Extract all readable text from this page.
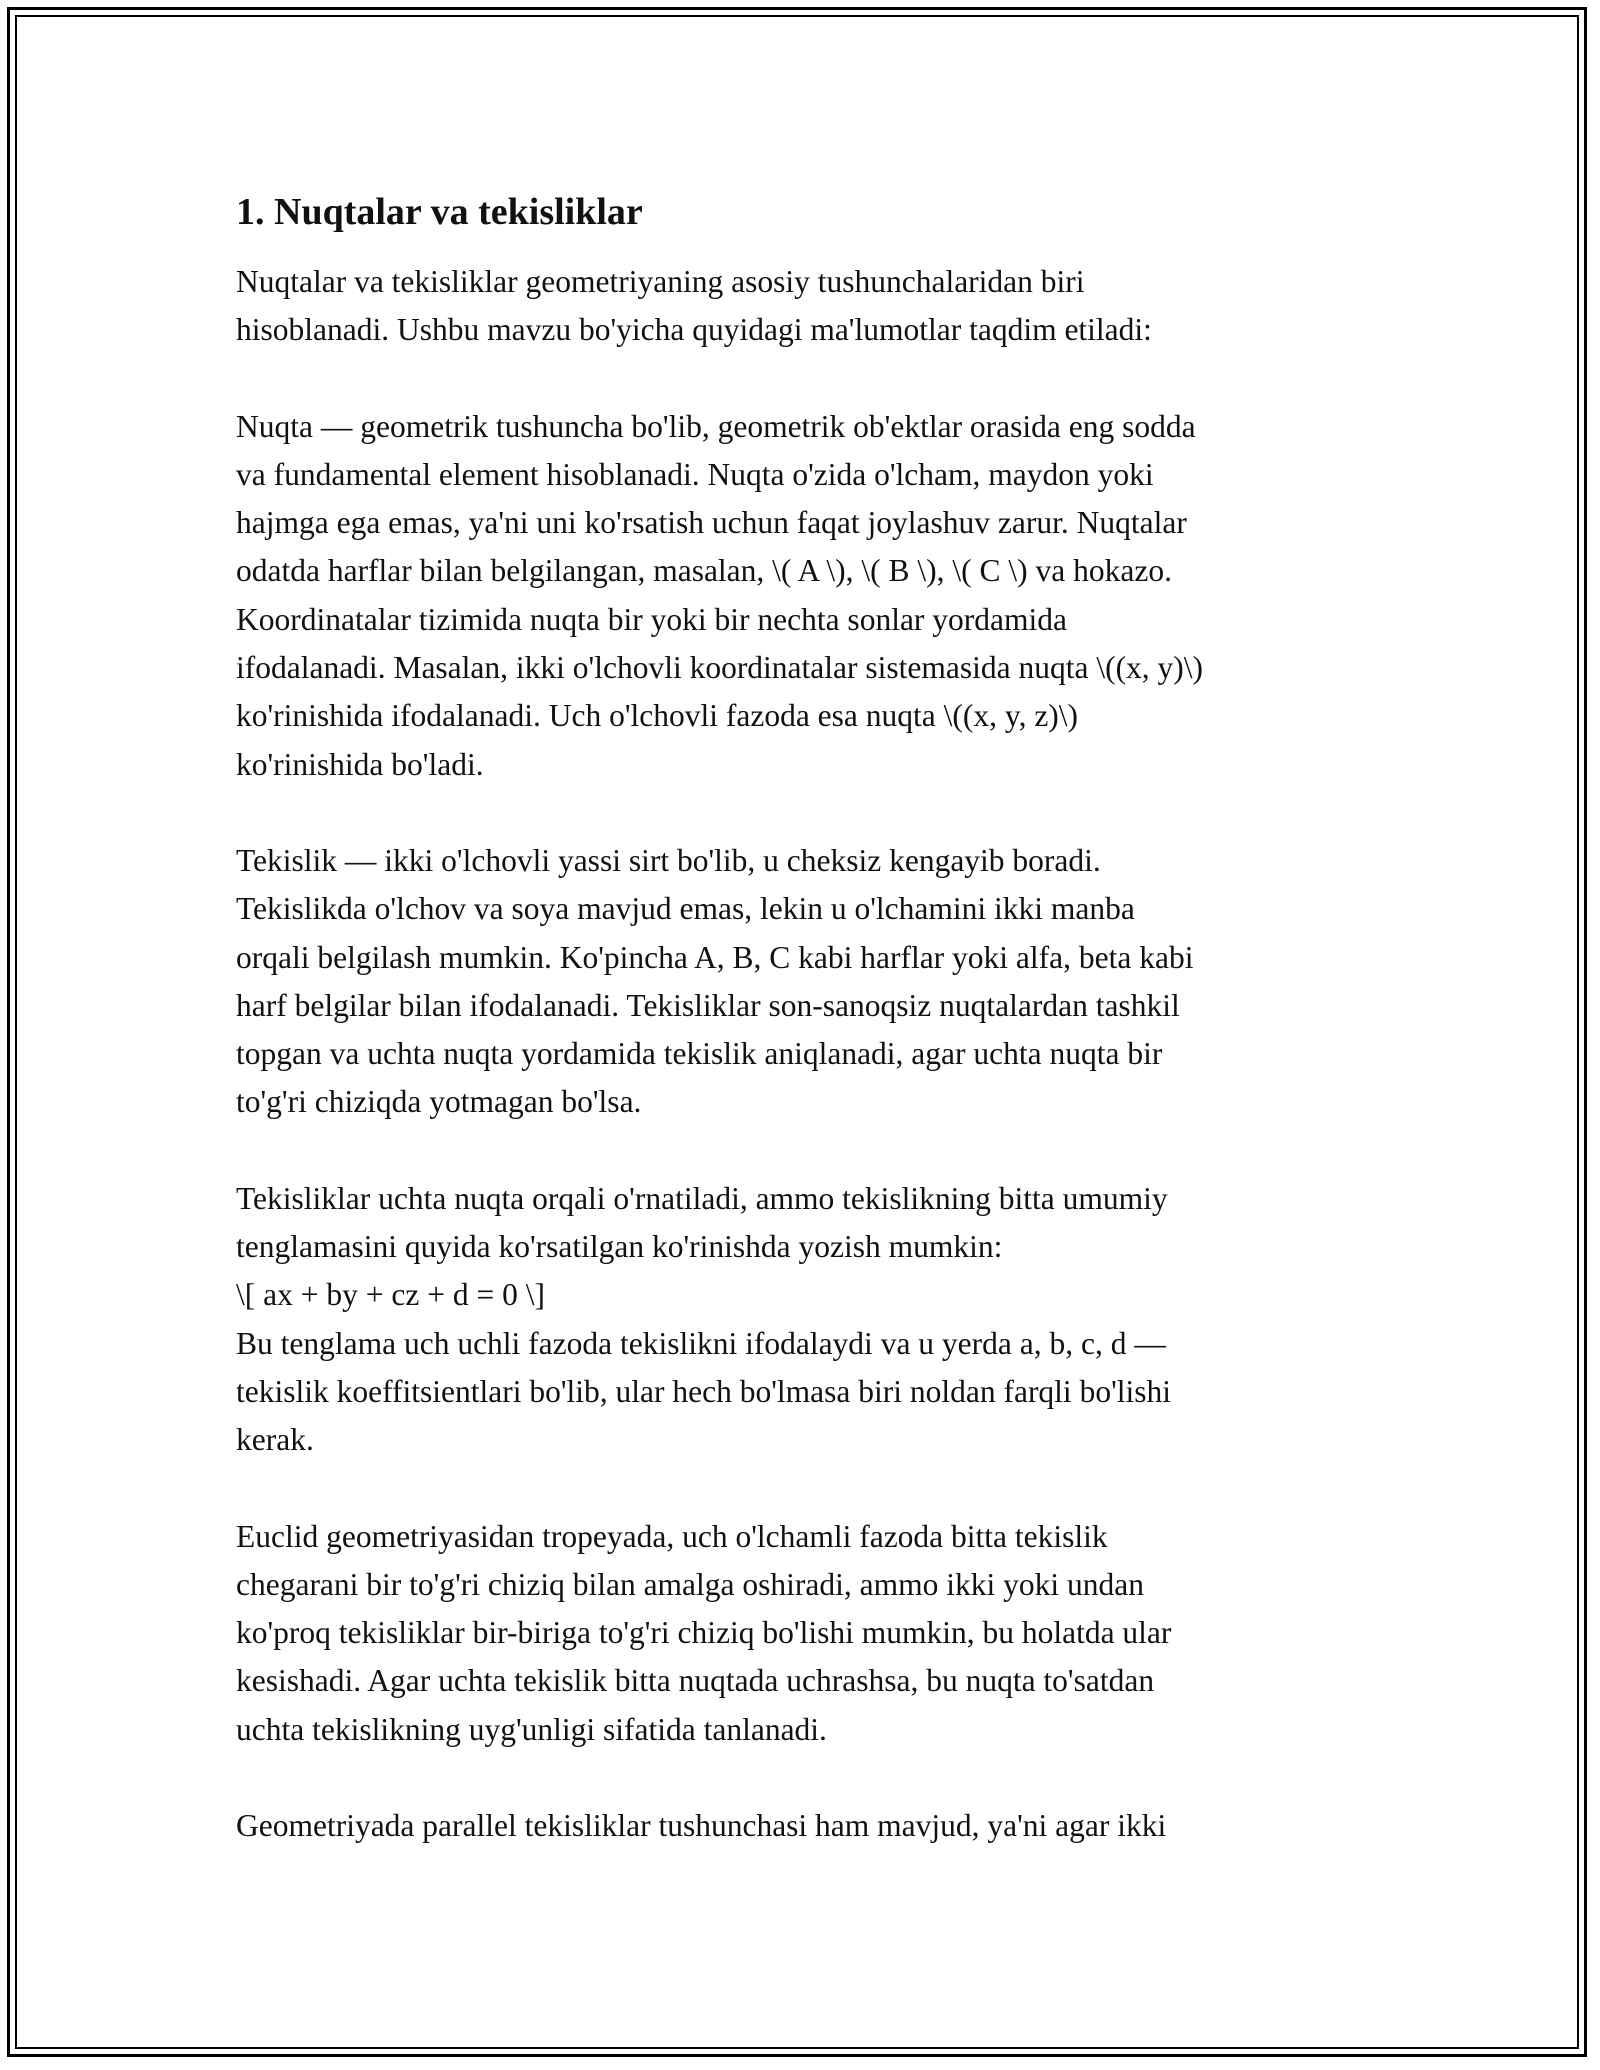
1. Nuqtalar va tekisliklar

Nuqtalar va tekisliklar geometriyaning asosiy tushunchalaridan biri
hisoblanadi. Ushbu mavzu bo'yicha quyidagi ma'lumotlar taqdim etiladi:

Nuqta — geometrik tushuncha bo'lib, geometrik ob'ektlar orasida eng sodda
va fundamental element hisoblanadi. Nuqta o'zida o'lcham, maydon yoki
hajmga ega emas, ya'ni uni ko'rsatish uchun faqat joylashuv zarur. Nuqtalar
odatda harflar bilan belgilangan, masalan, \( A \), \( B \), \( C \) va hokazo.
Koordinatalar tizimida nuqta bir yoki bir nechta sonlar yordamida
ifodalanadi. Masalan, ikki o'lchovli koordinatalar sistemasida nuqta \((x, y)\)
ko'rinishida ifodalanadi. Uch o'lchovli fazoda esa nuqta \((x, y, z)\)
ko'rinishida bo'ladi.

Tekislik — ikki o'lchovli yassi sirt bo'lib, u cheksiz kengayib boradi.
Tekislikda o'lchov va soya mavjud emas, lekin u o'lchamini ikki manba
orqali belgilash mumkin. Ko'pincha A, B, C kabi harflar yoki alfa, beta kabi
harf belgilar bilan ifodalanadi. Tekisliklar son-sanoqsiz nuqtalardan tashkil
topgan va uchta nuqta yordamida tekislik aniqlanadi, agar uchta nuqta bir
to'g'ri chiziqda yotmagan bo'lsa.

Tekisliklar uchta nuqta orqali o'rnatiladi, ammo tekislikning bitta umumiy
tenglamasini quyida ko'rsatilgan ko'rinishda yozish mumkin:
\[ ax + by + cz + d = 0 \]
Bu tenglama uch uchli fazoda tekislikni ifodalaydi va u yerda a, b, c, d —
tekislik koeffitsientlari bo'lib, ular hech bo'lmasa biri noldan farqli bo'lishi
kerak.

Euclid geometriyasidan tropeyada, uch o'lchamli fazoda bitta tekislik
chegarani bir to'g'ri chiziq bilan amalga oshiradi, ammo ikki yoki undan
ko'proq tekisliklar bir-biriga to'g'ri chiziq bo'lishi mumkin, bu holatda ular
kesishadi. Agar uchta tekislik bitta nuqtada uchrashsa, bu nuqta to'satdan
uchta tekislikning uyg'unligi sifatida tanlanadi.

Geometriyada parallel tekisliklar tushunchasi ham mavjud, ya'ni agar ikki
